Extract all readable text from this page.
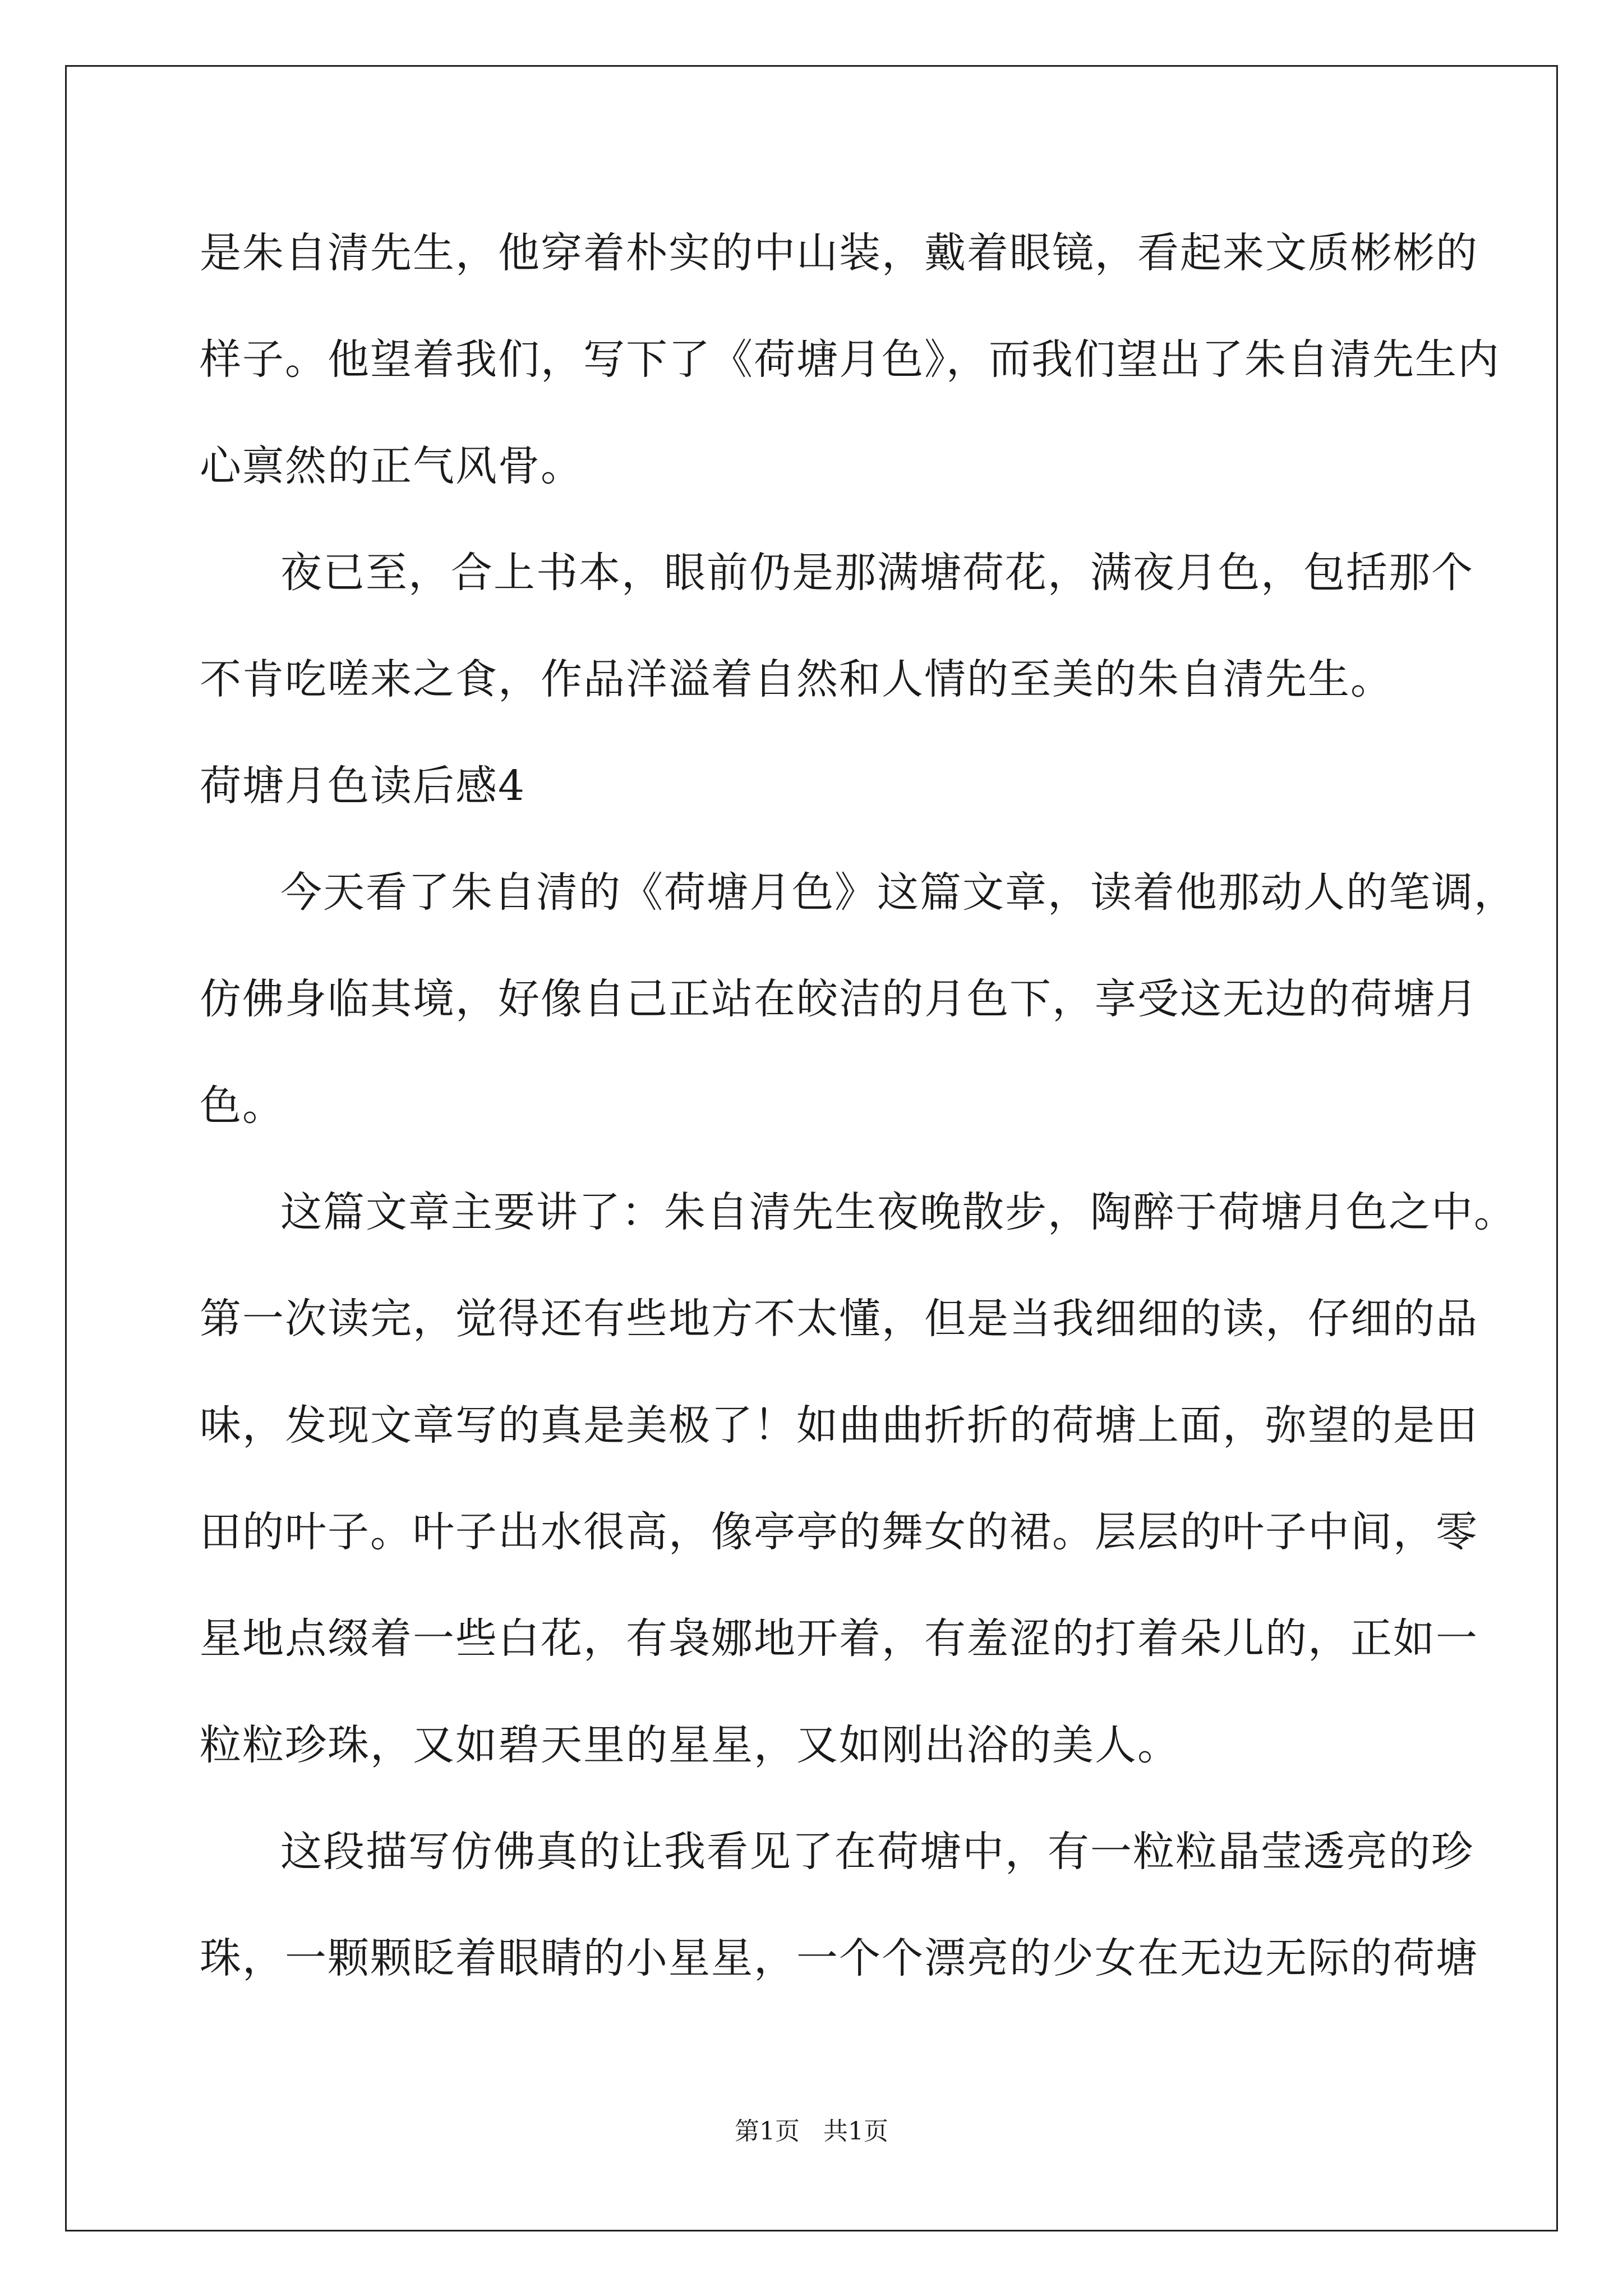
是朱自清先生，他穿着朴实的中山装，戴着眼镜，看起来文质彬彬的
样子。他望着我们，写下了《荷塘月色》，而我们望出了朱自清先生内
心禀然的正气风骨。
夜已至，合上书本，眼前仍是那满塘荷花，满夜月色，包括那个
不肯吃嗟来之食，作品洋溢着自然和人情的至美的朱自清先生。
荷塘月色读后感4
今天看了朱自清的《荷塘月色》这篇文章，读着他那动人的笔调，
仿佛身临其境，好像自己正站在皎洁的月色下，享受这无边的荷塘月
色。
这篇文章主要讲了：朱自清先生夜晚散步，陶醉于荷塘月色之中。
第一次读完，觉得还有些地方不太懂，但是当我细细的读，仔细的品
味，发现文章写的真是美极了！如曲曲折折的荷塘上面，弥望的是田
田的叶子。叶子出水很高，像亭亭的舞女的裙。层层的叶子中间，零
星地点缀着一些白花，有袅娜地开着，有羞涩的打着朵儿的，正如一
粒粒珍珠，又如碧天里的星星，又如刚出浴的美人。
这段描写仿佛真的让我看见了在荷塘中，有一粒粒晶莹透亮的珍
珠，一颗颗眨着眼睛的小星星，一个个漂亮的少女在无边无际的荷塘
第1页   共1页
